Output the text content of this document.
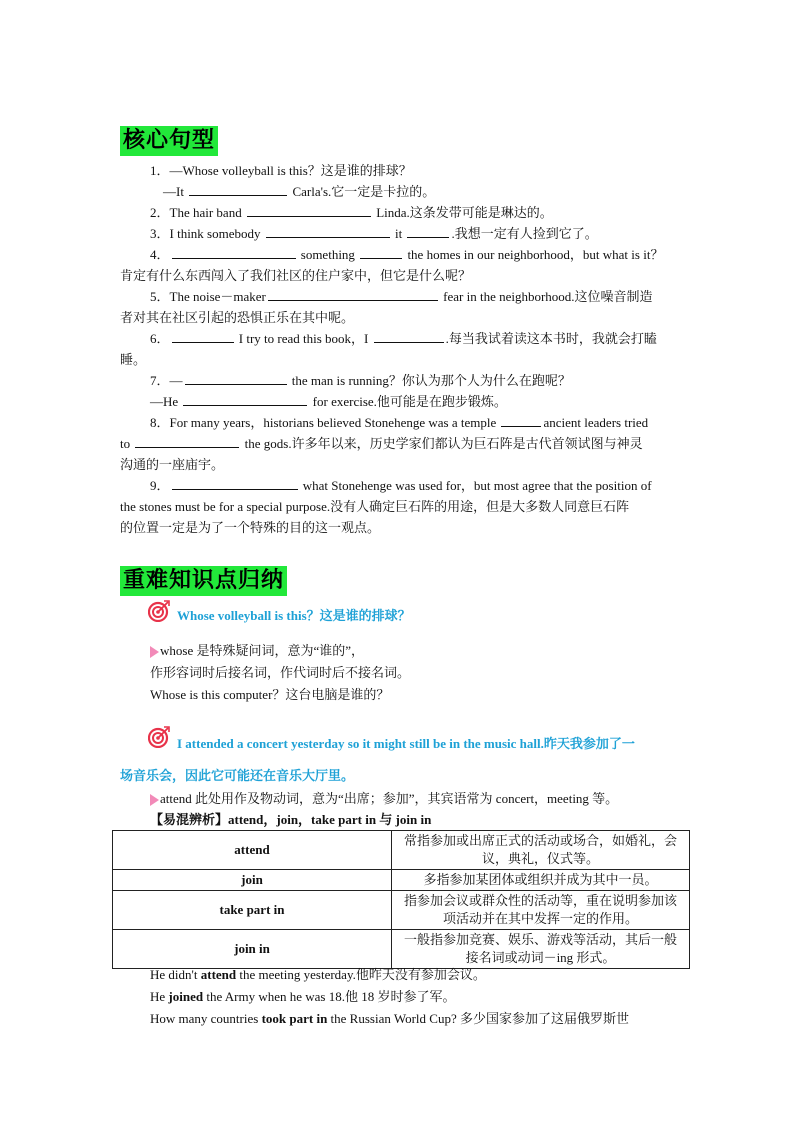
核心句型
1．—Whose volleyball is this？这是谁的排球？
—It	Carla's.它一定是卡拉的。
2．The hair band	Linda.这条发带可能是琳达的。
3．I think somebody	it	.我想一定有人捡到它了。
4．	something	the homes in our neighborhood，but what is it？
肯定有什么东西闯入了我们社区的住户家中，但它是什么呢？
5．The noise－maker	fear in the neighborhood.这位噪音制造
者对其在社区引起的恐惧正乐在其中呢。
6．	I try to read this book，I	.每当我试着读这本书时，我就会打瞌
睡。
7．—	the man is running？你认为那个人为什么在跑呢？
—He	for exercise.他可能是在跑步锻炼。
8．For many years，historians believed Stonehenge was a temple	ancient leaders tried
to	the gods.许多年以来，历史学家们都认为巨石阵是古代首领试图与神灵
沟通的一座庙宇。
9．	what Stonehenge was used for，but most agree that the position of
the stones must be for a special purpose.没有人确定巨石阵的用途，但是大多数人同意巨石阵
的位置一定是为了一个特殊的目的这一观点。
重难知识点归纳
Whose volleyball is this？这是谁的排球？
whose 是特殊疑问词，意为“谁的”，
作形容词时后接名词，作代词时后不接名词。
Whose is this computer？这台电脑是谁的？
I attended a concert yesterday so it might still be in the music hall.昨天我参加了一
场音乐会，因此它可能还在音乐大厅里。
attend 此处用作及物动词，意为“出席；参加”，其宾语常为 concert，meeting 等。
【易混辨析】attend，join，take part in 与 join in
attend	常指参加或出席正式的活动或场合，如婚礼，会议，典礼，仪式等。
join	多指参加某团体或组织并成为其中一员。
take part in	指参加会议或群众性的活动等，重在说明参加该项活动并在其中发挥一定的作用。
join in	一般指参加竞赛、娱乐、游戏等活动，其后一般接名词或动词－ing 形式。
He didn't attend the meeting yesterday.他昨天没有参加会议。
He joined the Army when he was 18.他 18 岁时参了军。
How many countries took part in the Russian World Cup? 多少国家参加了这届俄罗斯世
